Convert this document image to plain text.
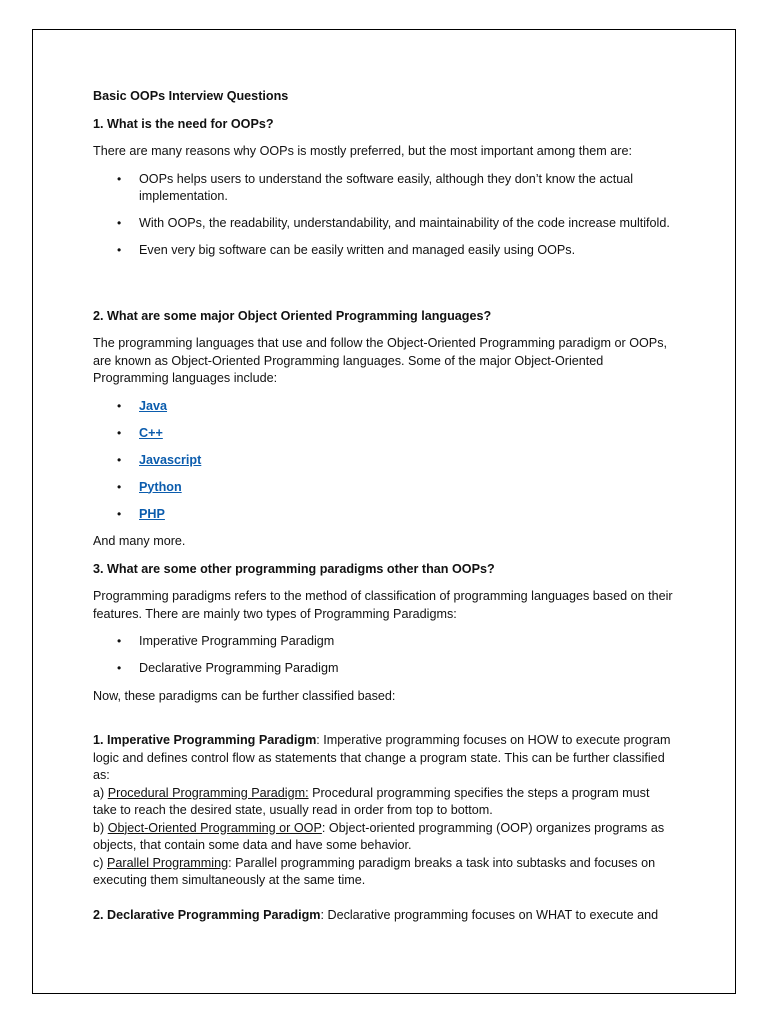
Basic OOPs Interview Questions

1. What is the need for OOPs?

There are many reasons why OOPs is mostly preferred, but the most important among them are:

• OOPs helps users to understand the software easily, although they don’t know the actual implementation.
• With OOPs, the readability, understandability, and maintainability of the code increase multifold.
• Even very big software can be easily written and managed easily using OOPs.

2. What are some major Object Oriented Programming languages?

The programming languages that use and follow the Object-Oriented Programming paradigm or OOPs, are known as Object-Oriented Programming languages. Some of the major Object-Oriented Programming languages include:

• Java
• C++
• Javascript
• Python
• PHP

And many more.

3. What are some other programming paradigms other than OOPs?

Programming paradigms refers to the method of classification of programming languages based on their features. There are mainly two types of Programming Paradigms:

• Imperative Programming Paradigm
• Declarative Programming Paradigm

Now, these paradigms can be further classified based:

1. Imperative Programming Paradigm: Imperative programming focuses on HOW to execute program logic and defines control flow as statements that change a program state. This can be further classified as:

a) Procedural Programming Paradigm: Procedural programming specifies the steps a program must take to reach the desired state, usually read in order from top to bottom.

b) Object-Oriented Programming or OOP: Object-oriented programming (OOP) organizes programs as objects, that contain some data and have some behavior.

c) Parallel Programming: Parallel programming paradigm breaks a task into subtasks and focuses on executing them simultaneously at the same time.

2. Declarative Programming Paradigm: Declarative programming focuses on WHAT to execute and
